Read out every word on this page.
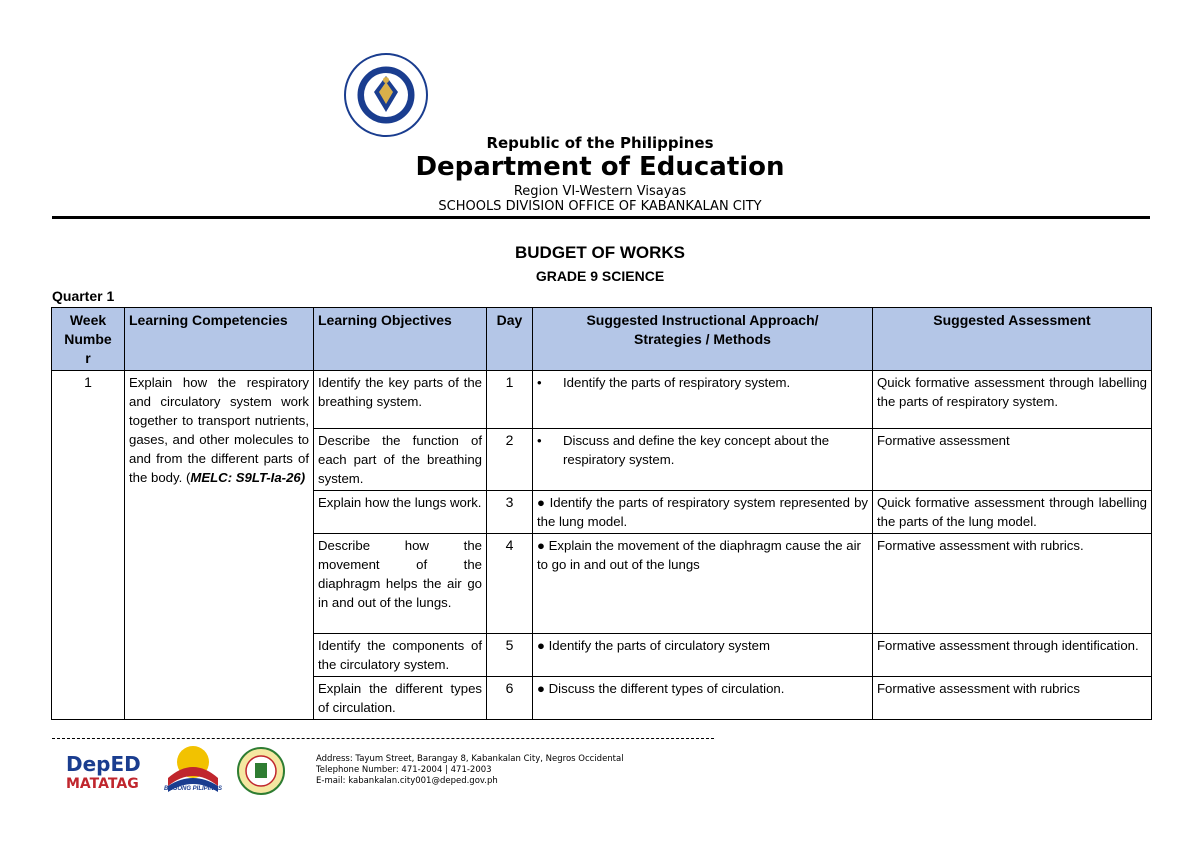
Republic of the Philippines
Department of Education
Region VI-Western Visayas
SCHOOLS DIVISION OFFICE OF KABANKALAN CITY
BUDGET OF WORKS
GRADE 9 SCIENCE
Quarter 1
Week
Numbe
r	Learning Competencies	Learning Objectives	Day	Suggested Instructional Approach/
Strategies / Methods	Suggested Assessment
1	Explain how the respiratory and circulatory system work together to transport nutrients, gases, and other molecules to and from the different parts of the body. (MELC: S9LT-Ia-26)	Identify the key parts of the breathing system.	1	• Identify the parts of respiratory system.	Quick formative assessment through labelling the parts of respiratory system.
		Describe the function of each part of the breathing system.	2	• Discuss and define the key concept about the respiratory system.	Formative assessment
		Explain how the lungs work.	3	● Identify the parts of respiratory system represented by the lung model.	Quick formative assessment through labelling the parts of the lung model.
		Describe how the movement of the diaphragm helps the air go in and out of the lungs.	4	● Explain the movement of the diaphragm cause the air to go in and out of the lungs	Formative assessment with rubrics.
		Identify the components of the circulatory system.	5	● Identify the parts of circulatory system	Formative assessment through identification.
		Explain the different types of circulation.	6	● Discuss the different types of circulation.	Formative assessment with rubrics
DepED
MATATAG	BAGONG PILIPINAS
Address: Tayum Street, Barangay 8, Kabankalan City, Negros Occidental
Telephone Number: 471-2004 | 471-2003
E-mail: kabankalan.city001@deped.gov.ph
